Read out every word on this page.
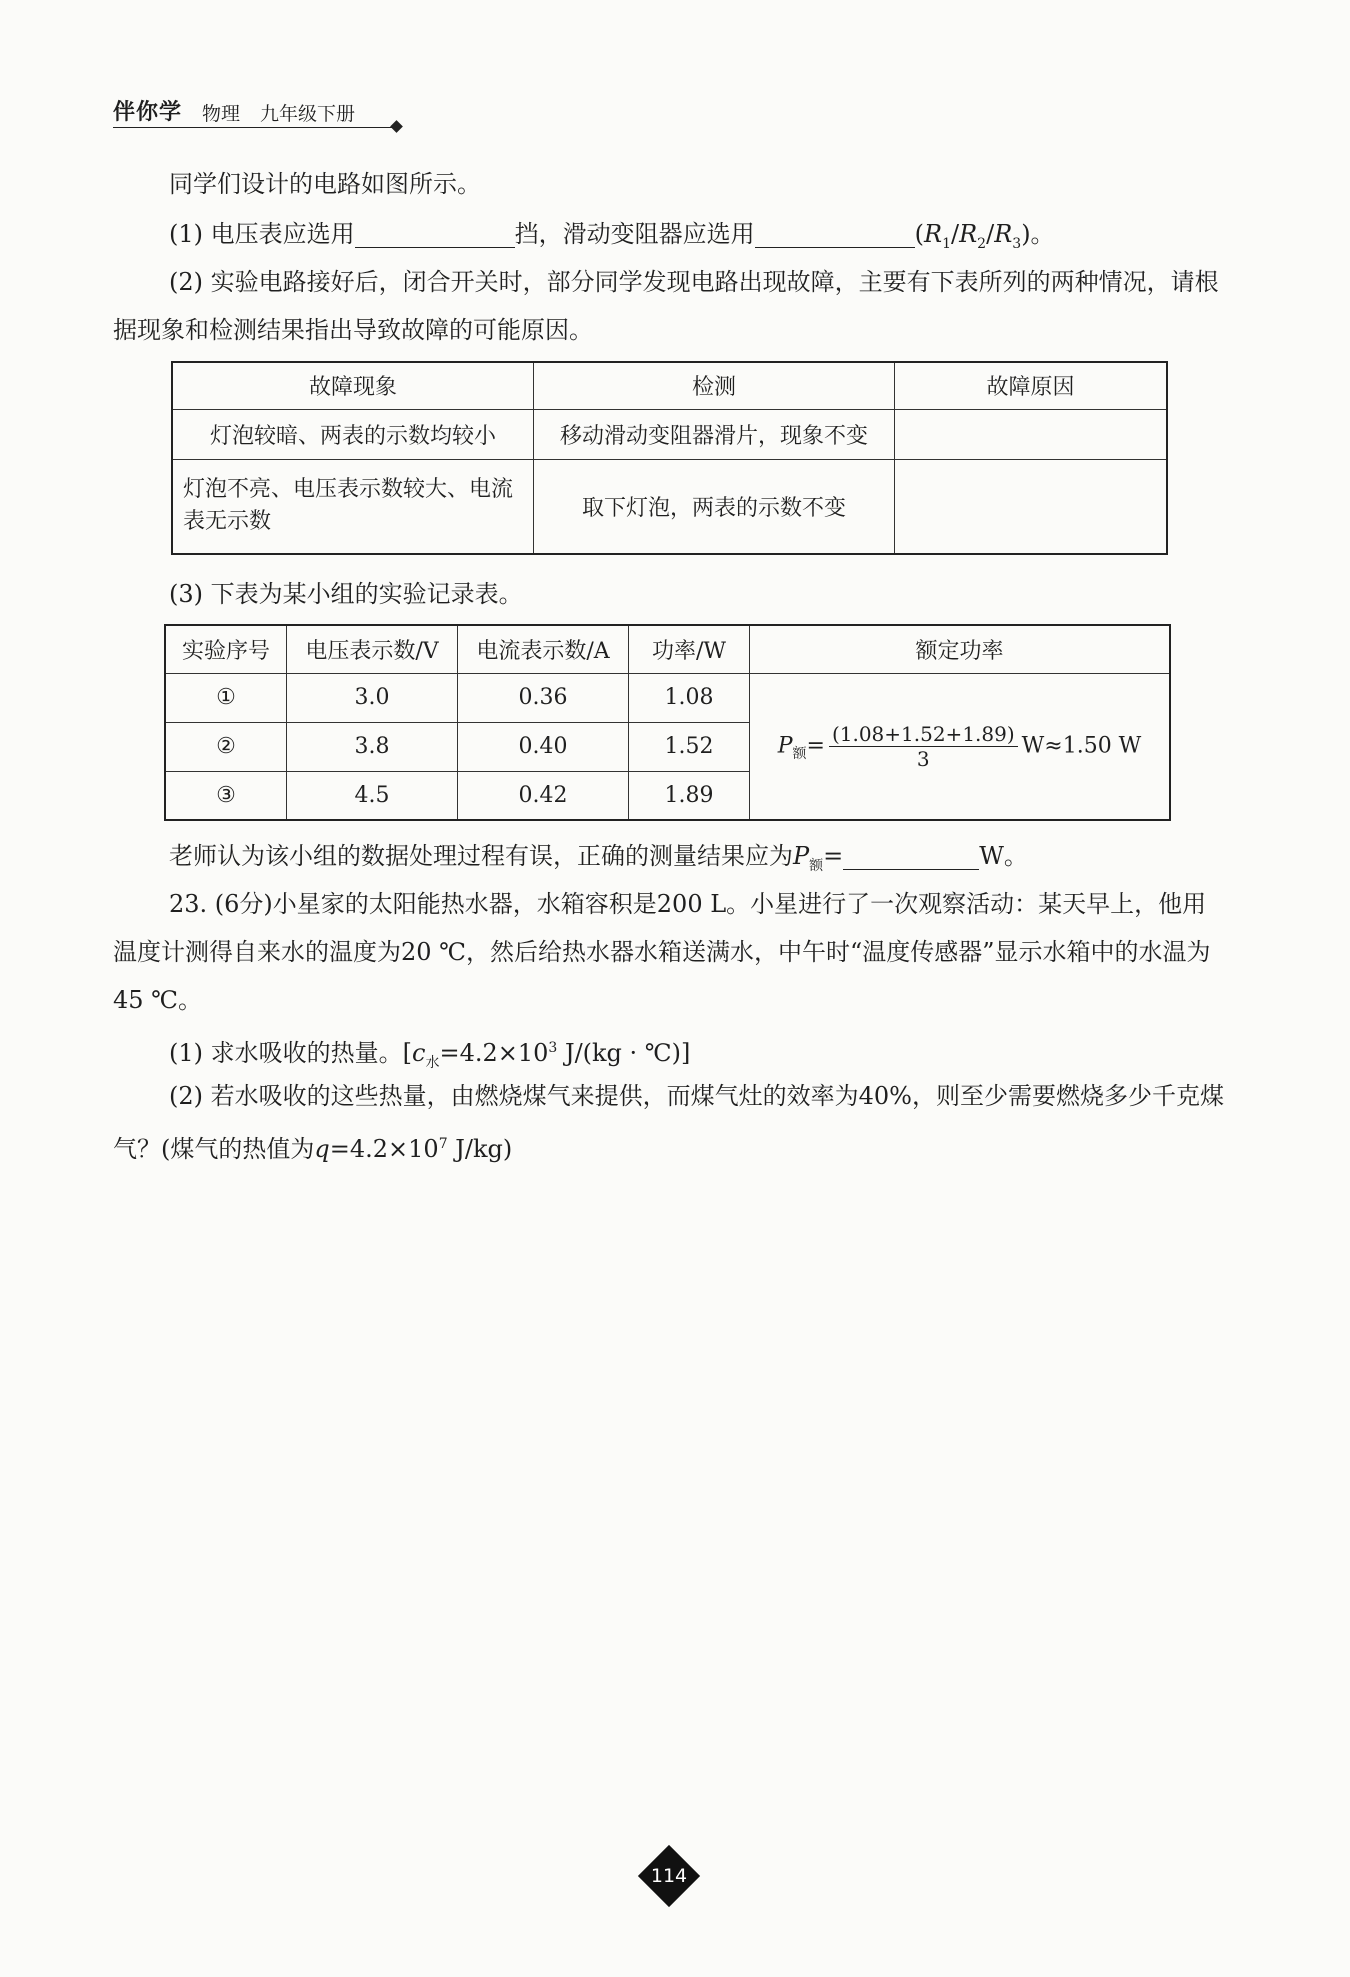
伴你学 物理 九年级下册
同学们设计的电路如图所示。
(1) 电压表应选用	挡，滑动变阻器应选用	$(R_1/R_2/R_3)$。
(2) 实验电路接好后，闭合开关时，部分同学发现电路出现故障，主要有下表所列的两种情况，请根据现象和检测结果指出导致故障的可能原因。
故障现象	检测	故障原因
灯泡较暗、两表的示数均较小	移动滑动变阻器滑片，现象不变	
灯泡不亮、电压表示数较大、电流表无示数	取下灯泡，两表的示数不变	
(3) 下表为某小组的实验记录表。
实验序号	电压表示数/V	电流表示数/A	功率/W	额定功率
①	3.0	0.36	1.08	$P_额= \frac{(1.08+1.52+1.89)}{3} W\approx 1.50$ W
②	3.8	0.40	1.52	
③	4.5	0.42	1.89	
老师认为该小组的数据处理过程有误，正确的测量结果应为$P_额=$	W。
23. (6分)小星家的太阳能热水器，水箱容积是200 L。小星进行了一次观察活动：某天早上，他用温度计测得自来水的温度为20 ℃，然后给热水器水箱送满水，中午时“温度传感器”显示水箱中的水温为45 ℃。
(1) 求水吸收的热量。[$c_水=4.2\times 10^3$ J/(kg · ℃)]
(2) 若水吸收的这些热量，由燃烧煤气来提供，而煤气灶的效率为40%，则至少需要燃烧多少千克煤气？(煤气的热值为$q=4.2\times 10^7$ J/kg)
114
